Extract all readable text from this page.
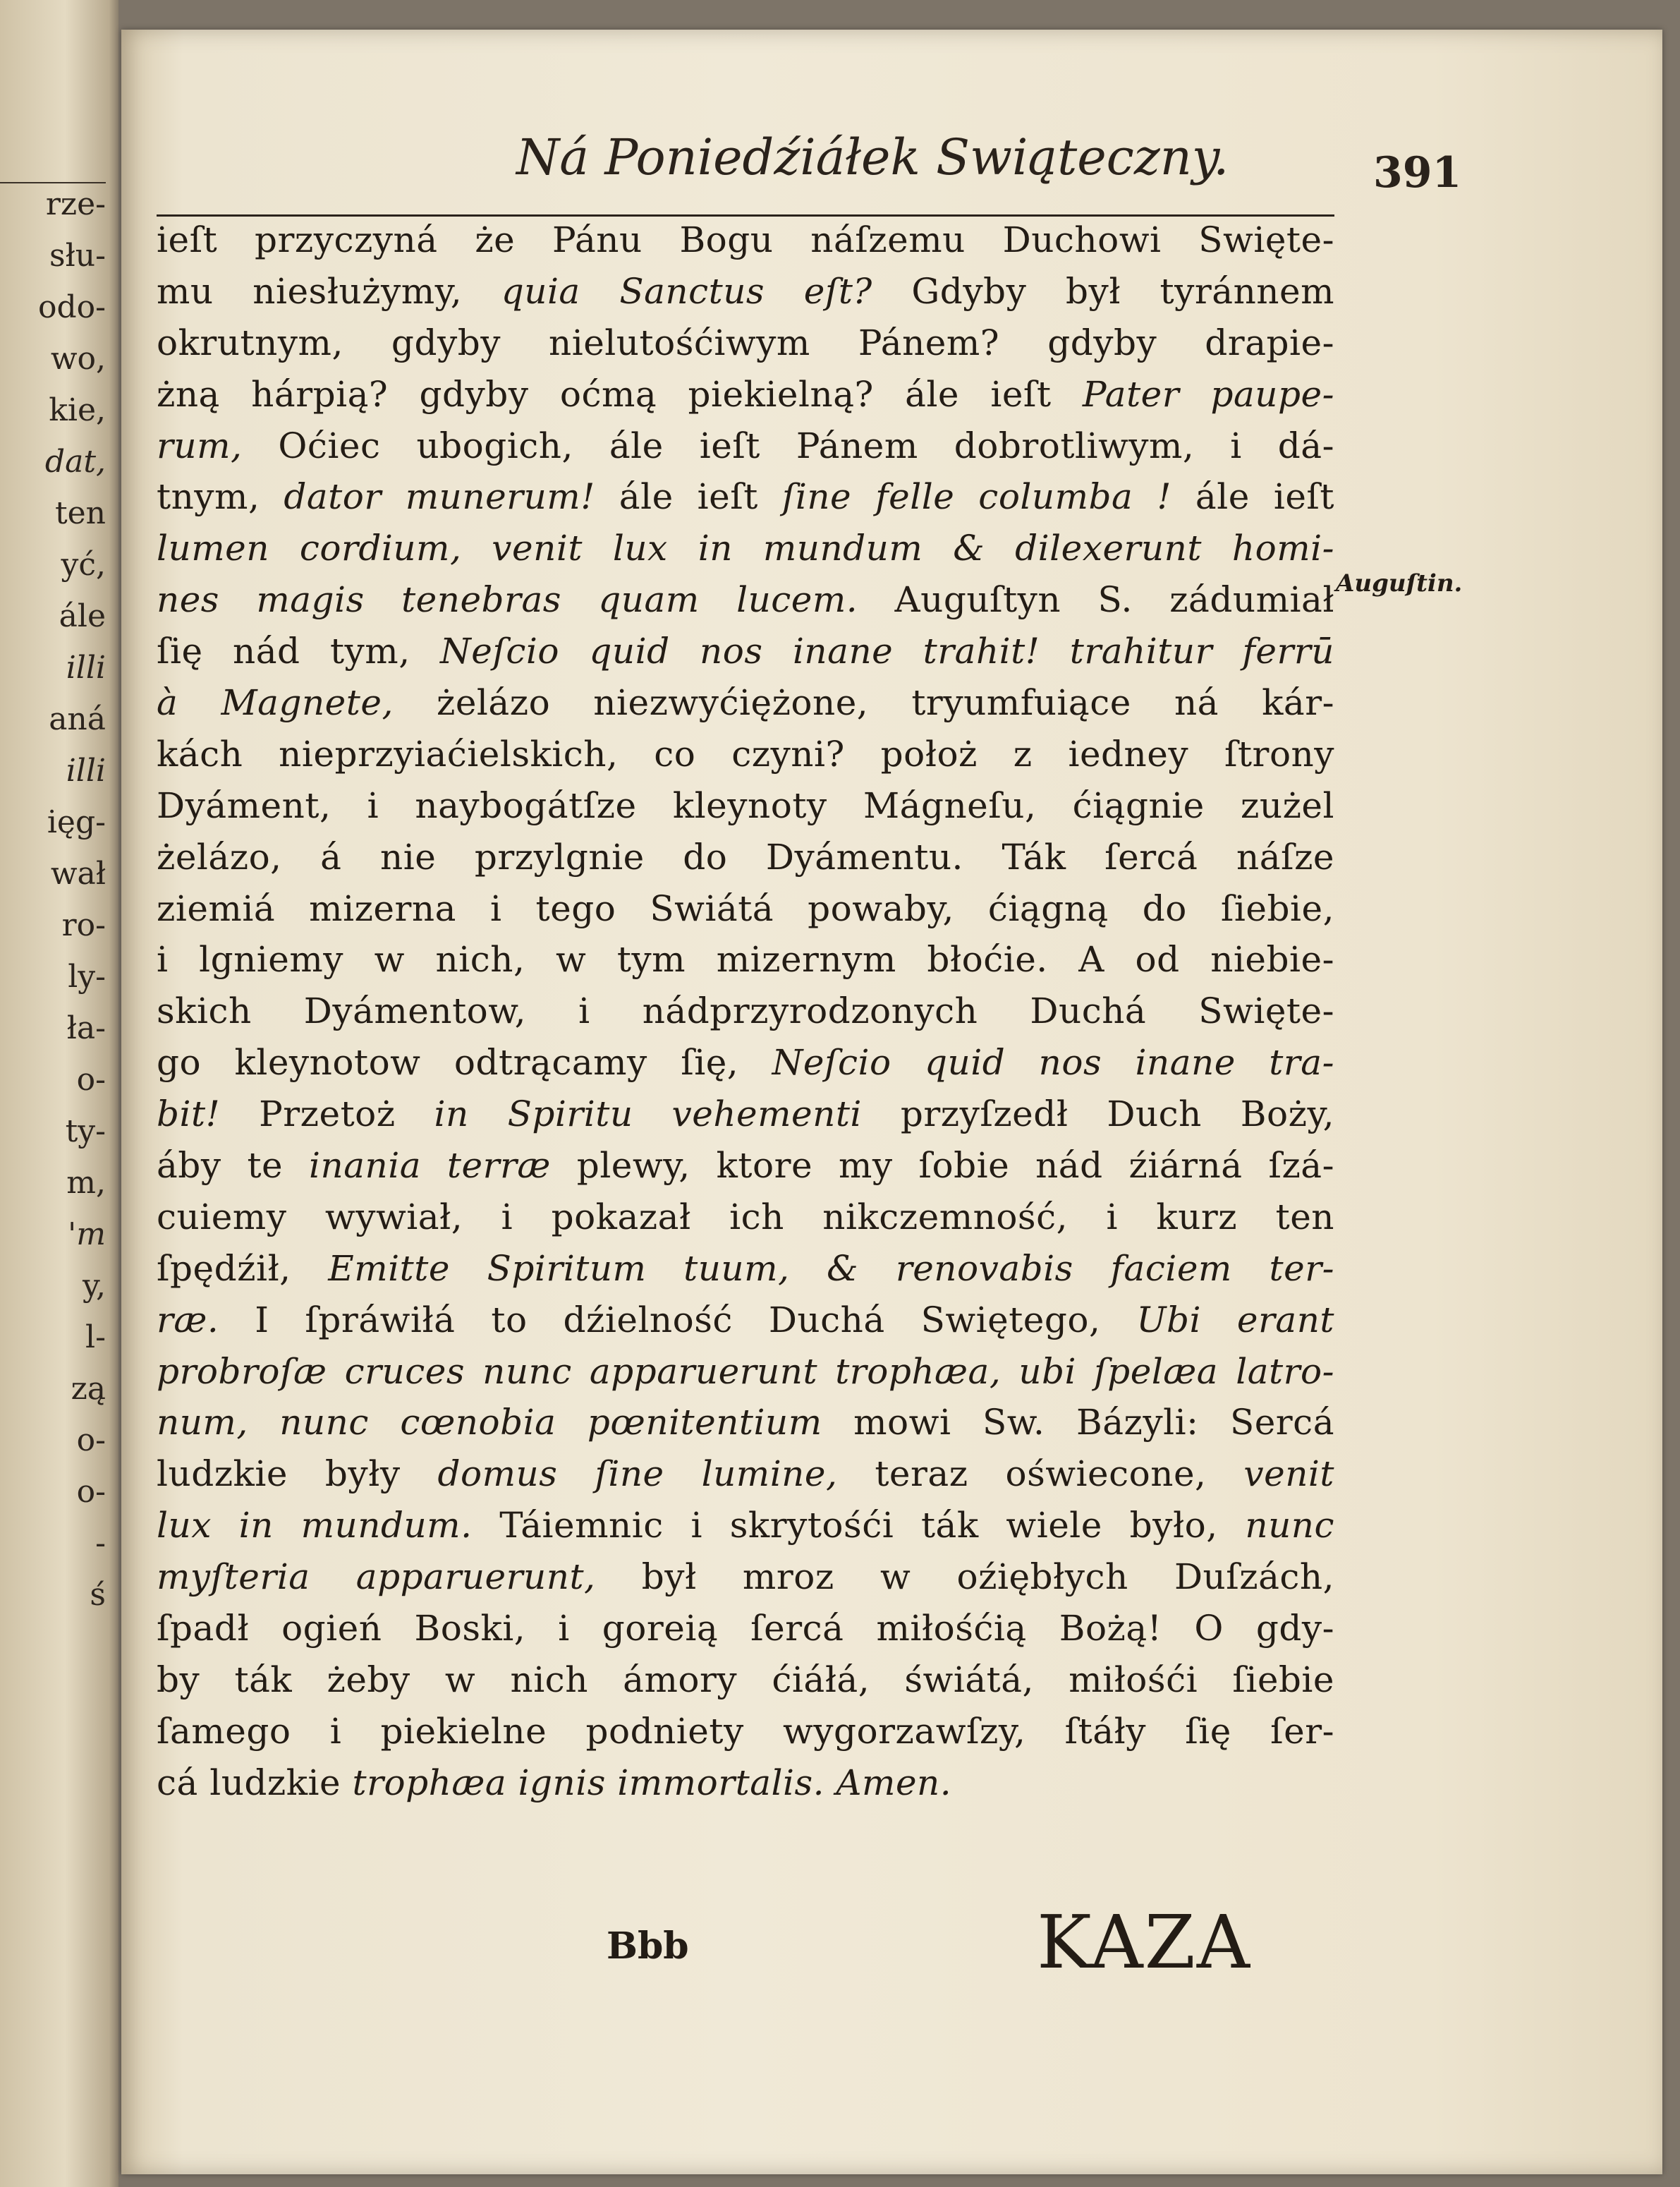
rze-
słu-
odo-
wo,
kie,
dat,
ten
yć,
ále
illi
aná
illi
ięg-
wał
ro-
ly-
ła-
o-
ty-
m,
'm
y,
l-
zą
o-
o-
-
ś
Ná Poniedźiáłek Swiąteczny.	391
ieſt przyczyná że Pánu Bogu náſzemu Duchowi Swięte-
mu niesłużymy, quia Sanctus eſt? Gdyby był tyránnem
okrutnym, gdyby nielutośćiwym Pánem? gdyby drapie-
żną hárpią? gdyby oćmą piekielną? ále ieſt Pater paupe-
rum, Oćiec ubogich, ále ieſt Pánem dobrotliwym, i dá-
tnym, dator munerum! ále ieſt ſine felle columba ! ále ieſt
lumen cordium, venit lux in mundum & dilexerunt homi-
nes magis tenebras quam lucem. Auguſtyn S. zádumiał
ſię nád tym, Neſcio quid nos inane trahit! trahitur ferrū
à Magnete, żelázo niezwyćiężone, tryumfuiące ná kár-
kách nieprzyiaćielskich, co czyni? położ z iedney ſtrony
Dyáment, i naybogátſze kleynoty Mágneſu, ćiągnie zużel
żelázo, á nie przylgnie do Dyámentu. Ták ſercá náſze
ziemiá mizerna i tego Swiátá powaby, ćiągną do ſiebie,
i lgniemy w nich, w tym mizernym błoćie. A od niebie-
skich Dyámentow, i nádprzyrodzonych Duchá Swięte-
go kleynotow odtrącamy ſię, Neſcio quid nos inane tra-
bit! Przetoż in Spiritu vehementi przyſzedł Duch Boży,
áby te inania terræ plewy, ktore my ſobie nád źiárná ſzá-
cuiemy wywiał, i pokazał ich nikczemność, i kurz ten
ſpędźił, Emitte Spiritum tuum, & renovabis faciem ter-
ræ. I ſpráwiłá to dźielność Duchá Swiętego, Ubi erant
probroſæ cruces nunc apparuerunt trophæa, ubi ſpelæa latro-
num, nunc cœnobia pœnitentium mowi Sw. Bázyli: Sercá
ludzkie były domus ſine lumine, teraz oświecone, venit
lux in mundum. Táiemnic i skrytośći ták wiele było, nunc
myſteria apparuerunt, był mroz w oźiębłych Duſzách,
ſpadł ogień Boski, i goreią ſercá miłośćią Bożą! O gdy-
by ták żeby w nich ámory ćiáłá, świátá, miłośći ſiebie
ſamego i piekielne podniety wygorzawſzy, ſtáły ſię ſer-
cá ludzkie trophæa ignis immortalis. Amen.
Auguſtin.
Bbb	KAZA
